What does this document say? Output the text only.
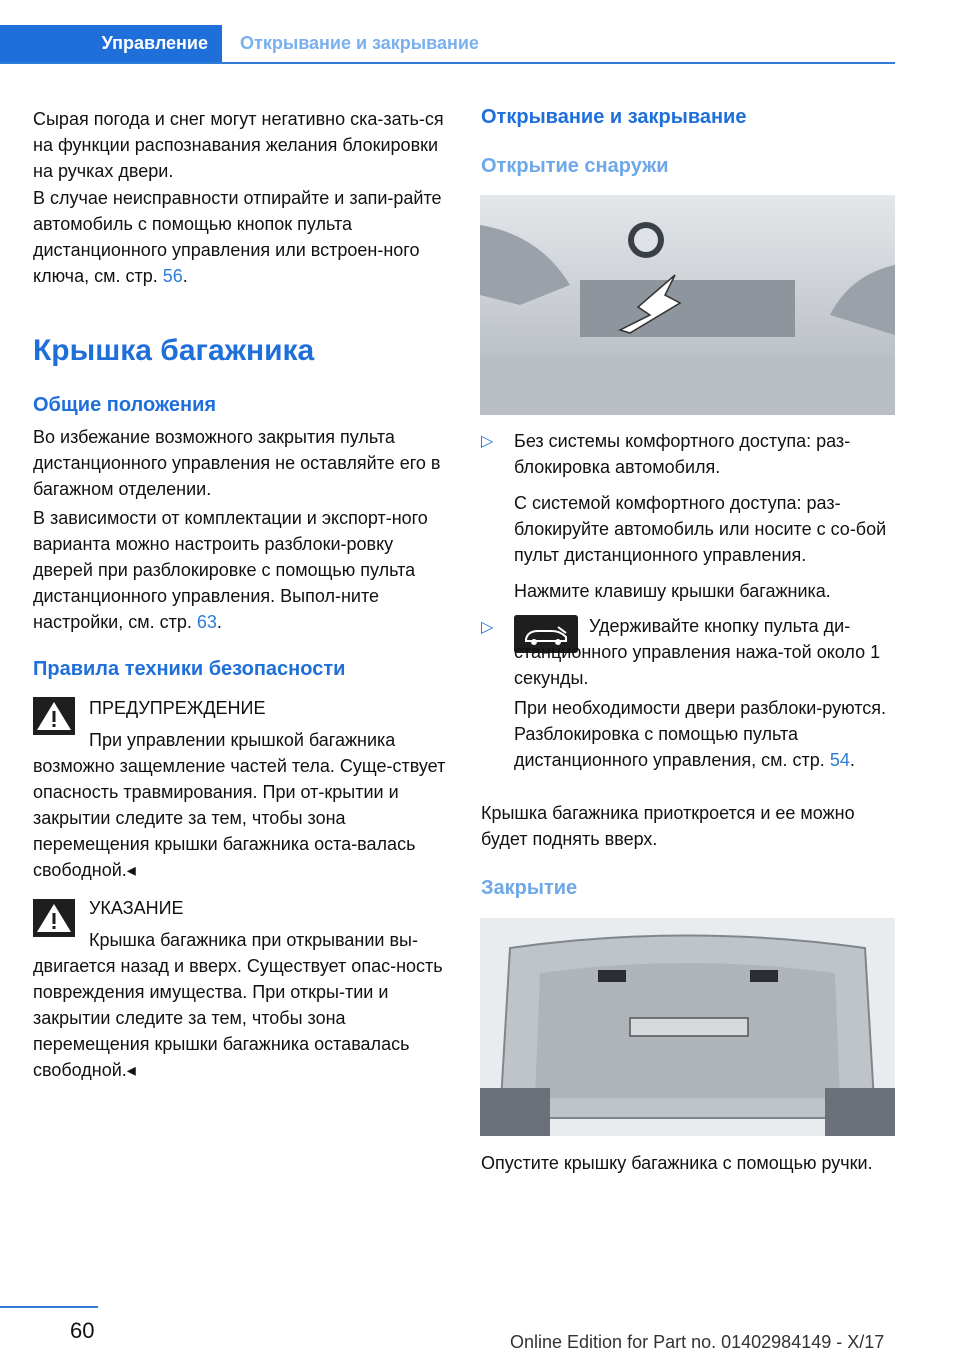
Управление	Открывание и закрывание

Сырая погода и снег могут негативно ска-зать-ся на функции распознавания желания блокировки на ручках двери.

В случае неисправности отпирайте и запи-райте автомобиль с помощью кнопок пульта дистанционного управления или встроен-ного ключа, см. стр. 56.

Крышка багажника
Общие положения

Во избежание возможного закрытия пульта дистанционного управления не оставляйте его в багажном отделении.

В зависимости от комплектации и экспорт-ного варианта можно настроить разблоки-ровку дверей при разблокировке с помощью пульта дистанционного управления. Выпол-ните настройки, см. стр. 63.

Правила техники безопасности
ПРЕДУПРЕЖДЕНИЕ
При управлении крышкой багажника возможно защемление частей тела. Суще-ствует опасность травмирования. При от-крытии и закрытии следите за тем, чтобы зона перемещения крышки багажника оста-валась свободной.◂
УКАЗАНИЕ
Крышка багажника при открывании вы-двигается назад и вверх. Существует опас-ность повреждения имущества. При откры-тии и закрытии следите за тем, чтобы зона перемещения крышки багажника оставалась свободной.◂
Открывание и закрывание
Открытие снаружи
▷ Без системы комфортного доступа: раз-блокировка автомобиля.

С системой комфортного доступа: раз-блокируйте автомобиль или носите с со-бой пульт дистанционного управления.

Нажмите клавишу крышки багажника.

▷	Удерживайте кнопку пульта ди-станционного управления нажа-той около 1 секунды.

При необходимости двери разблоки-руются. Разблокировка с помощью пульта дистанционного управления, см. стр. 54.

Крышка багажника приоткроется и ее можно будет поднять вверх.
Закрытие
Опустите крышку багажника с помощью ручки.
60	Online Edition for Part no. 01402984149 - X/17
